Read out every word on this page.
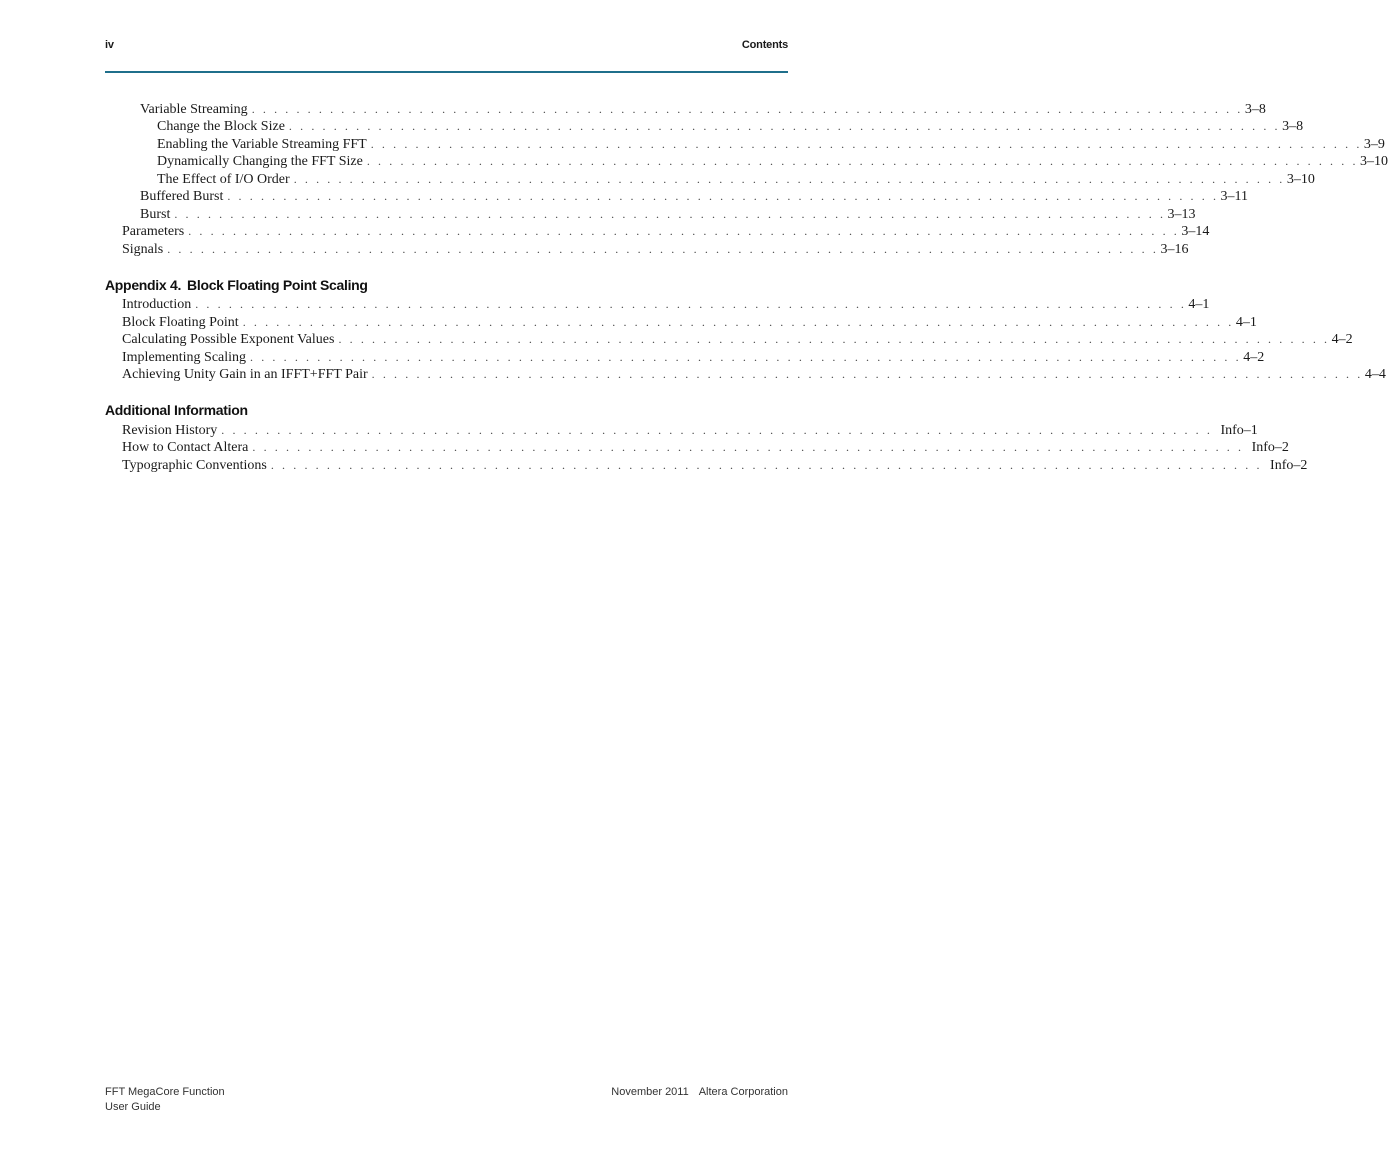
iv	Contents
Variable Streaming . . . . . . . . . . . . . . . . . . . . . . . . . . . . . . . . . . . . . . . . . . . . . . . . . . . . . . . . . . . . . . . . . . . . . . . . . . . . . . . . . . . . . . . . . 3–8
Change the Block Size . . . . . . . . . . . . . . . . . . . . . . . . . . . . . . . . . . . . . . . . . . . . . . . . . . . . . . . . . . . . . . . . . . . . . . . . . . . . . . . . . . . . . . . . . 3–8
Enabling the Variable Streaming FFT . . . . . . . . . . . . . . . . . . . . . . . . . . . . . . . . . . . . . . . . . . . . . . . . . . . . . . . . . . . . . . . . . . . . . . . . . . . . . . . . . . . . . . . . . 3–9
Dynamically Changing the FFT Size . . . . . . . . . . . . . . . . . . . . . . . . . . . . . . . . . . . . . . . . . . . . . . . . . . . . . . . . . . . . . . . . . . . . . . . . . . . . . . . . . . . . . . . . . 3–10
The Effect of I/O Order . . . . . . . . . . . . . . . . . . . . . . . . . . . . . . . . . . . . . . . . . . . . . . . . . . . . . . . . . . . . . . . . . . . . . . . . . . . . . . . . . . . . . . . . . 3–10
Buffered Burst . . . . . . . . . . . . . . . . . . . . . . . . . . . . . . . . . . . . . . . . . . . . . . . . . . . . . . . . . . . . . . . . . . . . . . . . . . . . . . . . . . . . . . . . . 3–11
Burst . . . . . . . . . . . . . . . . . . . . . . . . . . . . . . . . . . . . . . . . . . . . . . . . . . . . . . . . . . . . . . . . . . . . . . . . . . . . . . . . . . . . . . . . . 3–13
Parameters . . . . . . . . . . . . . . . . . . . . . . . . . . . . . . . . . . . . . . . . . . . . . . . . . . . . . . . . . . . . . . . . . . . . . . . . . . . . . . . . . . . . . . . . . 3–14
Signals . . . . . . . . . . . . . . . . . . . . . . . . . . . . . . . . . . . . . . . . . . . . . . . . . . . . . . . . . . . . . . . . . . . . . . . . . . . . . . . . . . . . . . . . . 3–16
Appendix 4. Block Floating Point Scaling
Introduction . . . . . . . . . . . . . . . . . . . . . . . . . . . . . . . . . . . . . . . . . . . . . . . . . . . . . . . . . . . . . . . . . . . . . . . . . . . . . . . . . . . . . . . . . 4–1
Block Floating Point . . . . . . . . . . . . . . . . . . . . . . . . . . . . . . . . . . . . . . . . . . . . . . . . . . . . . . . . . . . . . . . . . . . . . . . . . . . . . . . . . . . . . . . . . 4–1
Calculating Possible Exponent Values . . . . . . . . . . . . . . . . . . . . . . . . . . . . . . . . . . . . . . . . . . . . . . . . . . . . . . . . . . . . . . . . . . . . . . . . . . . . . . . . . . . . . . . . . 4–2
Implementing Scaling . . . . . . . . . . . . . . . . . . . . . . . . . . . . . . . . . . . . . . . . . . . . . . . . . . . . . . . . . . . . . . . . . . . . . . . . . . . . . . . . . . . . . . . . . 4–2
Achieving Unity Gain in an IFFT+FFT Pair . . . . . . . . . . . . . . . . . . . . . . . . . . . . . . . . . . . . . . . . . . . . . . . . . . . . . . . . . . . . . . . . . . . . . . . . . . . . . . . . . . . . . . . . . 4–4
Additional Information
Revision History . . . . . . . . . . . . . . . . . . . . . . . . . . . . . . . . . . . . . . . . . . . . . . . . . . . . . . . . . . . . . . . . . . . . . . . . . . . . . . . . . . . . . . . . . Info–1
How to Contact Altera . . . . . . . . . . . . . . . . . . . . . . . . . . . . . . . . . . . . . . . . . . . . . . . . . . . . . . . . . . . . . . . . . . . . . . . . . . . . . . . . . . . . . . . . . Info–2
Typographic Conventions . . . . . . . . . . . . . . . . . . . . . . . . . . . . . . . . . . . . . . . . . . . . . . . . . . . . . . . . . . . . . . . . . . . . . . . . . . . . . . . . . . . . . . . . . Info–2
FFT MegaCore Function
User Guide
November 2011 Altera Corporation
